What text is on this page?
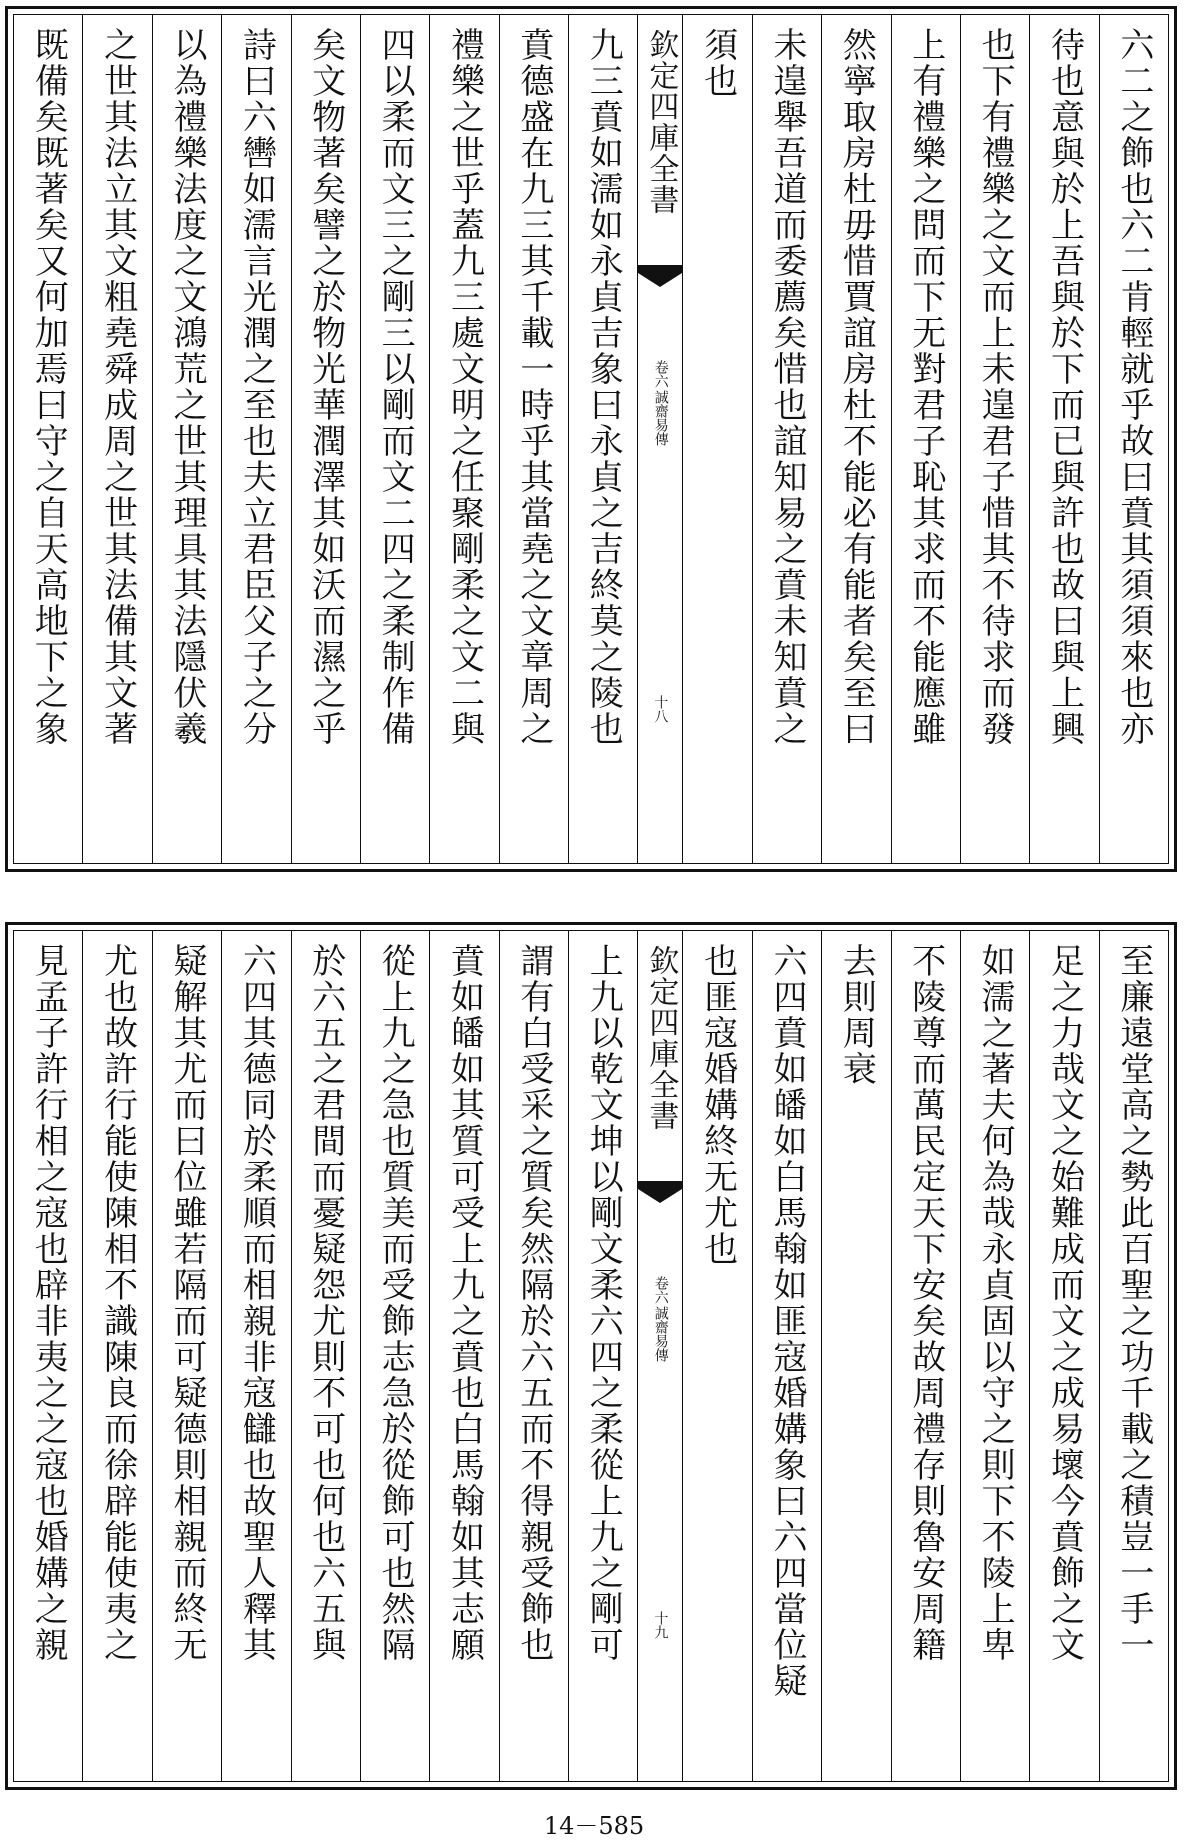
六二之飾也六二肯輕就乎故曰賁其須須來也亦
待也意與於上吾與於下而已與許也故曰與上興
也下有禮樂之文而上未遑君子惜其不待求而發
上有禮樂之問而下无對君子恥其求而不能應雖
然寧取房杜毋惜賈誼房杜不能必有能者矣至曰
未遑舉吾道而委薦矣惜也誼知易之賁未知賁之
須也
欽定四庫全書
誠齋易傳
卷六
十八
九三賁如濡如永貞吉象曰永貞之吉終莫之陵也
賁德盛在九三其千載一時乎其當堯之文章周之
禮樂之世乎蓋九三處文明之任聚剛柔之文二與
四以柔而文三之剛三以剛而文二四之柔制作備
矣文物著矣譬之於物光華潤澤其如沃而濕之乎
詩曰六轡如濡言光潤之至也夫立君臣父子之分
以為禮樂法度之文鴻荒之世其理具其法隱伏羲
之世其法立其文粗堯舜成周之世其法備其文著
既備矣既著矣又何加焉曰守之自天高地下之象
至廉遠堂高之勢此百聖之功千載之積豈一手一
足之力哉文之始難成而文之成易壞今賁飾之文
如濡之著夫何為哉永貞固以守之則下不陵上卑
不陵尊而萬民定天下安矣故周禮存則魯安周籍
去則周衰
六四賁如皤如白馬翰如匪寇婚媾象曰六四當位疑
也匪寇婚媾終无尤也
欽定四庫全書
誠齋易傳
卷六
十九
上九以乾文坤以剛文柔六四之柔從上九之剛可
謂有白受采之質矣然隔於六五而不得親受飾也
賁如皤如其質可受上九之賁也白馬翰如其志願
從上九之急也質美而受飾志急於從飾可也然隔
於六五之君間而憂疑怨尤則不可也何也六五與
六四其德同於柔順而相親非寇讎也故聖人釋其
疑解其尤而曰位雖若隔而可疑德則相親而終无
尤也故許行能使陳相不識陳良而徐辟能使夷之
見孟子許行相之寇也辟非夷之之寇也婚媾之親
14－585
